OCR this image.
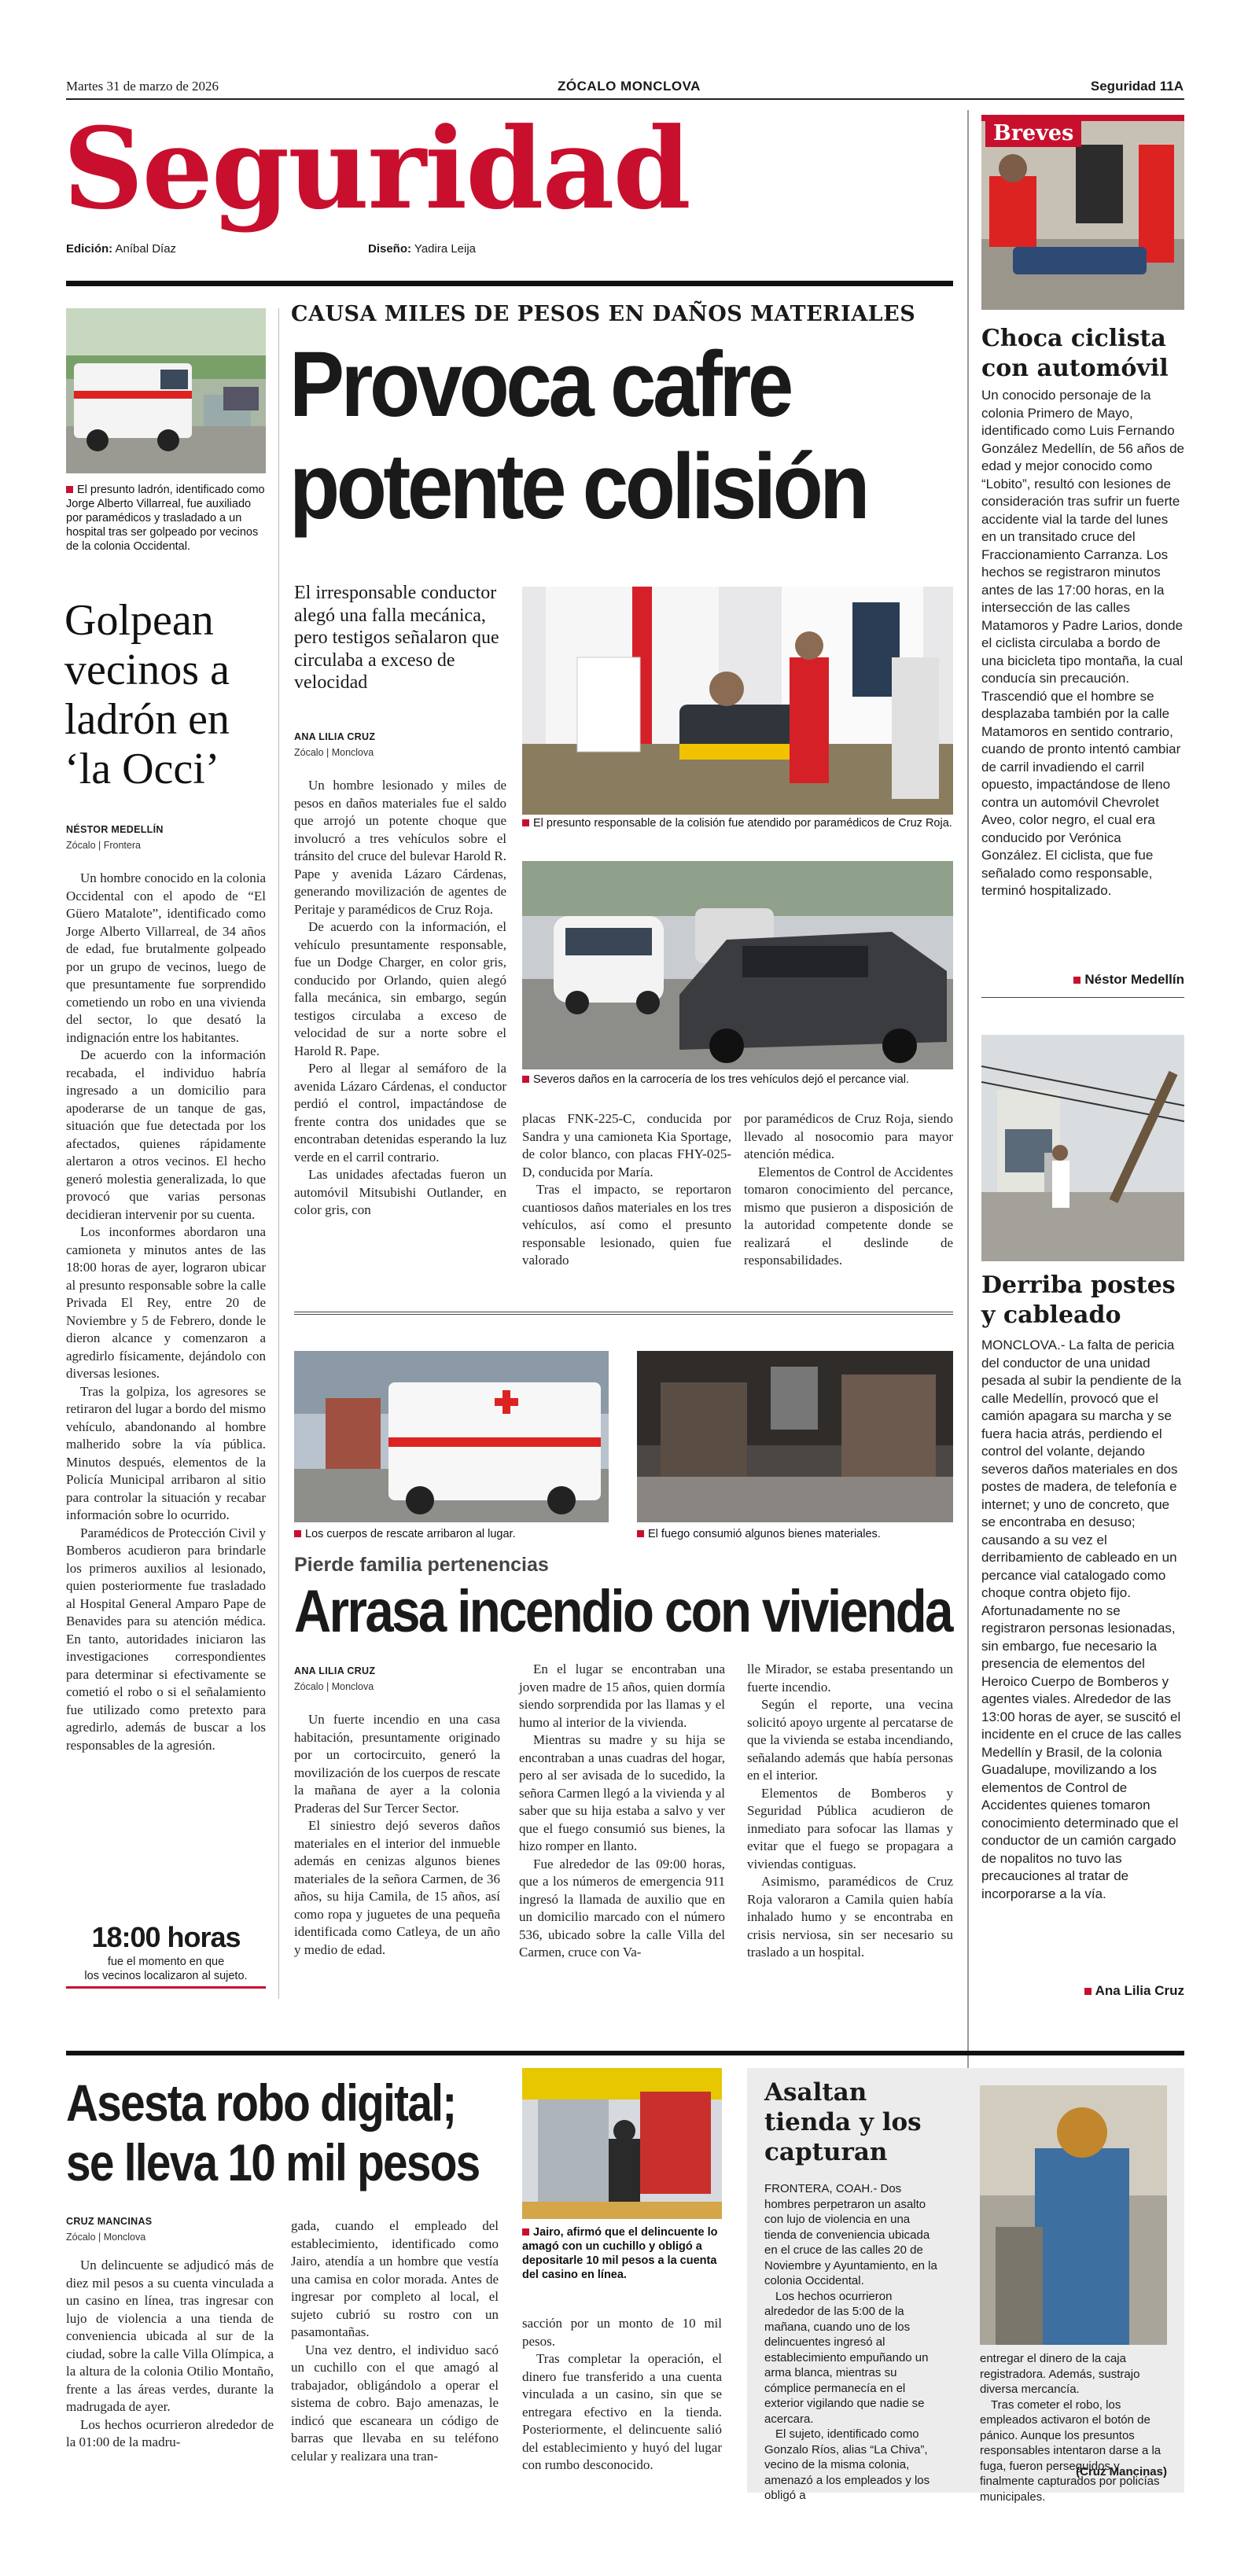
Martes 31 de marzo de 2026	ZÓCALO MONCLOVA	Seguridad 11A
Seguridad
Edición: Aníbal Díaz	Diseño: Yadira Leija
El presunto ladrón, identificado como Jorge Alberto Villarreal, fue auxiliado por paramédicos y trasladado a un hospital tras ser golpeado por vecinos de la colonia Occidental.
Golpean vecinos a ladrón en ‘la Occi’
NÉSTOR MEDELLÍN
Zócalo | Frontera

Un hombre conocido en la colonia Occidental con el apodo de “El Güero Matalote”, identificado como Jorge Alberto Villarreal, de 34 años de edad, fue brutalmente golpeado por un grupo de vecinos, luego de que presuntamente fue sorprendido cometiendo un robo en una vivienda del sector, lo que desató la indignación entre los habitantes.

De acuerdo con la información recabada, el individuo habría ingresado a un domicilio para apoderarse de un tanque de gas, situación que fue detectada por los afectados, quienes rápidamente alertaron a otros vecinos. El hecho generó molestia generalizada, lo que provocó que varias personas decidieran intervenir por su cuenta.

Los inconformes abordaron una camioneta y minutos antes de las 18:00 horas de ayer, lograron ubicar al presunto responsable sobre la calle Privada El Rey, entre 20 de Noviembre y 5 de Febrero, donde le dieron alcance y comenzaron a agredirlo físicamente, dejándolo con diversas lesiones.

Tras la golpiza, los agresores se retiraron del lugar a bordo del mismo vehículo, abandonando al hombre malherido sobre la vía pública. Minutos después, elementos de la Policía Municipal arribaron al sitio para controlar la situación y recabar información sobre lo ocurrido.

Paramédicos de Protección Civil y Bomberos acudieron para brindarle los primeros auxilios al lesionado, quien posteriormente fue trasladado al Hospital General Amparo Pape de Benavides para su atención médica. En tanto, autoridades iniciaron las investigaciones correspondientes para determinar si efectivamente se cometió el robo o si el señalamiento fue utilizado como pretexto para agredirlo, además de buscar a los responsables de la agresión.

18:00 horas
fue el momento en que
los vecinos localizaron al sujeto.
CAUSA MILES DE PESOS EN DAÑOS MATERIALES
Provoca cafre
potente colisión
El irresponsable conductor alegó una falla mecánica, pero testigos señalaron que circulaba a exceso de velocidad
ANA LILIA CRUZ
Zócalo | Monclova

Un hombre lesionado y miles de pesos en daños materiales fue el saldo que arrojó un potente choque que involucró a tres vehículos sobre el tránsito del cruce del bulevar Harold R. Pape y avenida Lázaro Cárdenas, generando movilización de agentes de Peritaje y paramédicos de Cruz Roja.

De acuerdo con la información, el vehículo presuntamente responsable, fue un Dodge Charger, en color gris, conducido por Orlando, quien alegó falla mecánica, sin embargo, según testigos circulaba a exceso de velocidad de sur a norte sobre el Harold R. Pape.

Pero al llegar al semáforo de la avenida Lázaro Cárdenas, el conductor perdió el control, impactándose de frente contra dos unidades que se encontraban detenidas esperando la luz verde en el carril contrario.

Las unidades afectadas fueron un automóvil Mitsubishi Outlander, en color gris, con

El presunto responsable de la colisión fue atendido por paramédicos de Cruz Roja.
Severos daños en la carrocería de los tres vehículos dejó el percance vial.

placas FNK-225-C, conducida por Sandra y una camioneta Kia Sportage, de color blanco, con placas FHY-025-D, conducida por María.

Tras el impacto, se reportaron cuantiosos daños materiales en los tres vehículos, así como el presunto responsable lesionado, quien fue valorado

por paramédicos de Cruz Roja, siendo llevado al nosocomio para mayor atención médica.

Elementos de Control de Accidentes tomaron conocimiento del percance, mismo que pusieron a disposición de la autoridad competente donde se realizará el deslinde de responsabilidades.

Los cuerpos de rescate arribaron al lugar.	El fuego consumió algunos bienes materiales.
Pierde familia pertenencias
Arrasa incendio con vivienda
ANA LILIA CRUZ
Zócalo | Monclova

Un fuerte incendio en una casa habitación, presuntamente originado por un cortocircuito, generó la movilización de los cuerpos de rescate la mañana de ayer a la colonia Praderas del Sur Tercer Sector.

El siniestro dejó severos daños materiales en el interior del inmueble además en cenizas algunos bienes materiales de la señora Carmen, de 36 años, su hija Camila, de 15 años, así como ropa y juguetes de una pequeña identificada como Catleya, de un año y medio de edad.

En el lugar se encontraban una joven madre de 15 años, quien dormía siendo sorprendida por las llamas y el humo al interior de la vivienda.

Mientras su madre y su hija se encontraban a unas cuadras del hogar, pero al ser avisada de lo sucedido, la señora Carmen llegó a la vivienda y al saber que su hija estaba a salvo y ver que el fuego consumió sus bienes, la hizo romper en llanto.

Fue alrededor de las 09:00 horas, que a los números de emergencia 911 ingresó la llamada de auxilio que en un domicilio marcado con el número 536, ubicado sobre la calle Villa del Carmen, cruce con Va-

lle Mirador, se estaba presentando un fuerte incendio.

Según el reporte, una vecina solicitó apoyo urgente al percatarse de que la vivienda se estaba incendiando, señalando además que había personas en el interior.

Elementos de Bomberos y Seguridad Pública acudieron de inmediato para sofocar las llamas y evitar que el fuego se propagara a viviendas contiguas.

Asimismo, paramédicos de Cruz Roja valoraron a Camila quien había inhalado humo y se encontraba en crisis nerviosa, sin ser necesario su traslado a un hospital.

Breves
Choca ciclista con automóvil

Un conocido personaje de la colonia Primero de Mayo, identificado como Luis Fernando González Medellín, de 56 años de edad y mejor conocido como “Lobito”, resultó con lesiones de consideración tras sufrir un fuerte accidente vial la tarde del lunes en un transitado cruce del Fraccionamiento Carranza. Los hechos se registraron minutos antes de las 17:00 horas, en la intersección de las calles Matamoros y Padre Larios, donde el ciclista circulaba a bordo de una bicicleta tipo montaña, la cual conducía sin precaución.

Trascendió que el hombre se desplazaba también por la calle Matamoros en sentido contrario, cuando de pronto intentó cambiar de carril invadiendo el carril opuesto, impactándose de lleno contra un automóvil Chevrolet Aveo, color negro, el cual era conducido por Verónica González. El ciclista, que fue señalado como responsable, terminó hospitalizado.

Néstor Medellín
Derriba postes y cableado

MONCLOVA.- La falta de pericia del conductor de una unidad pesada al subir la pendiente de la calle Medellín, provocó que el camión apagara su marcha y se fuera hacia atrás, perdiendo el control del volante, dejando severos daños materiales en dos postes de madera, de telefonía e internet; y uno de concreto, que se encontraba en desuso; causando a su vez el derribamiento de cableado en un percance vial catalogado como choque contra objeto fijo. Afortunadamente no se registraron personas lesionadas, sin embargo, fue necesario la presencia de elementos del Heroico Cuerpo de Bomberos y agentes viales. Alrededor de las 13:00 horas de ayer, se suscitó el incidente en el cruce de las calles Medellín y Brasil, de la colonia Guadalupe, movilizando a los elementos de Control de Accidentes quienes tomaron conocimiento determinado que el conductor de un camión cargado de nopalitos no tuvo las precauciones al tratar de incorporarse a la vía.

Ana Lilia Cruz
Asesta robo digital;
se lleva 10 mil pesos
CRUZ MANCINAS
Zócalo | Monclova

Un delincuente se adjudicó más de diez mil pesos a su cuenta vinculada a un casino en línea, tras ingresar con lujo de violencia a una tienda de conveniencia ubicada al sur de la ciudad, sobre la calle Villa Olímpica, a la altura de la colonia Otilio Montaño, frente a las áreas verdes, durante la madrugada de ayer.

Los hechos ocurrieron alrededor de la 01:00 de la madru-

gada, cuando el empleado del establecimiento, identificado como Jairo, atendía a un hombre que vestía una camisa en color morada. Antes de ingresar por completo al local, el sujeto cubrió su rostro con un pasamontañas.

Una vez dentro, el individuo sacó un cuchillo con el que amagó al trabajador, obligándolo a operar el sistema de cobro. Bajo amenazas, le indicó que escaneara un código de barras que llevaba en su teléfono celular y realizara una tran-

Jairo, afirmó que el delincuente lo amagó con un cuchillo y obligó a depositarle 10 mil pesos a la cuenta del casino en línea.

sacción por un monto de 10 mil pesos.

Tras completar la operación, el dinero fue transferido a una cuenta vinculada a un casino, sin que se entregara efectivo en la tienda. Posteriormente, el delincuente salió del establecimiento y huyó del lugar con rumbo desconocido.

Asaltan tienda y los capturan

FRONTERA, COAH.- Dos hombres perpetraron un asalto con lujo de violencia en una tienda de conveniencia ubicada en el cruce de las calles 20 de Noviembre y Ayuntamiento, en la colonia Occidental.

Los hechos ocurrieron alrededor de las 5:00 de la mañana, cuando uno de los delincuentes ingresó al establecimiento empuñando un arma blanca, mientras su cómplice permanecía en el exterior vigilando que nadie se acercara.

El sujeto, identificado como Gonzalo Ríos, alias “La Chiva”, vecino de la misma colonia, amenazó a los empleados y los obligó a

entregar el dinero de la caja registradora. Además, sustrajo diversa mercancía.

Tras cometer el robo, los empleados activaron el botón de pánico. Aunque los presuntos responsables intentaron darse a la fuga, fueron perseguidos y finalmente capturados por policías municipales.

(Cruz Mancinas)
